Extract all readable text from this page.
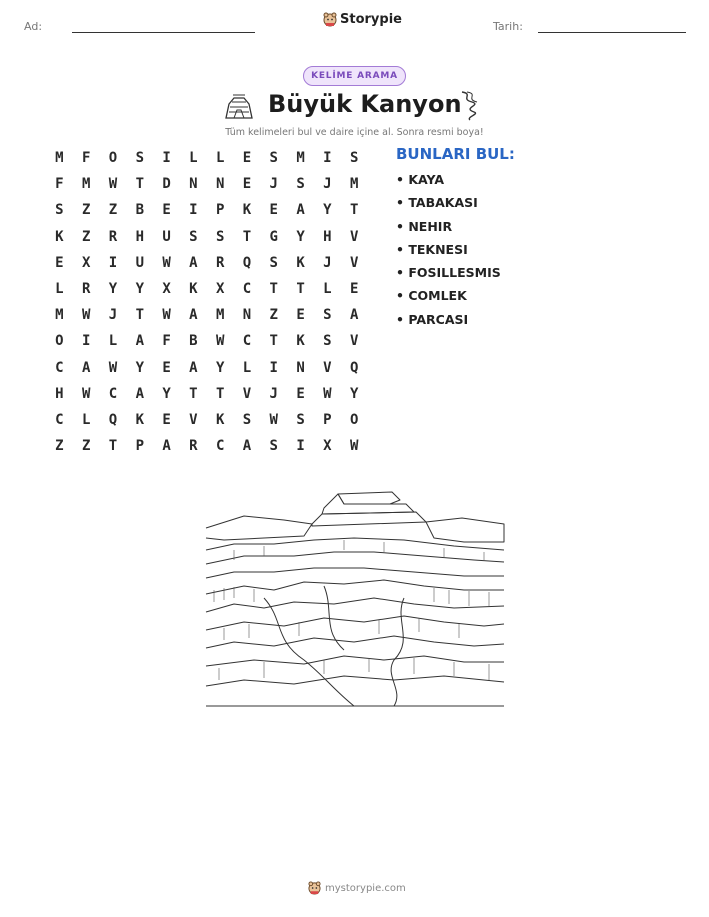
Ad:	Storypie	Tarih:
KELİME ARAMA
Büyük Kanyon
Tüm kelimeleri bul ve daire içine al. Sonra resmi boya!
M	F	O	S	I	L	L	E	S	M	I	S
F	M	W	T	D	N	N	E	J	S	J	M
S	Z	Z	B	E	I	P	K	E	A	Y	T
K	Z	R	H	U	S	S	T	G	Y	H	V
E	X	I	U	W	A	R	Q	S	K	J	V
L	R	Y	Y	X	K	X	C	T	T	L	E
M	W	J	T	W	A	M	N	Z	E	S	A
O	I	L	A	F	B	W	C	T	K	S	V
C	A	W	Y	E	A	Y	L	I	N	V	Q
H	W	C	A	Y	T	T	V	J	E	W	Y
C	L	Q	K	E	V	K	S	W	S	P	O
Z	Z	T	P	A	R	C	A	S	I	X	W
BUNLARI BUL:
• KAYA
• TABAKASI
• NEHIR
• TEKNESI
• FOSILLESMIS
• COMLEK
• PARCASI
mystorypie.com
